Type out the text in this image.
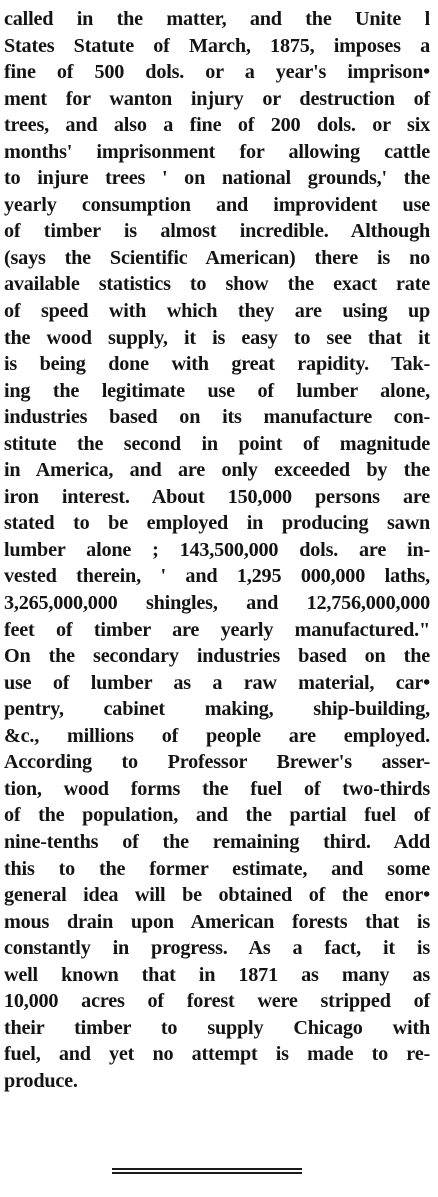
called in the matter, and the Unite l
States Statute of March, 1875, imposes a
fine of 500 dols. or a year's imprison•
ment for wanton injury or destruction of
trees, and also a fine of 200 dols. or six
months' imprisonment for allowing cattle
to injure trees ' on national grounds,' the
yearly consumption and improvident use
of timber is almost incredible. Although
(says the Scientific American) there is no
available statistics to show the exact rate
of speed with which they are using up
the wood supply, it is easy to see that it
is being done with great rapidity. Tak-
ing the legitimate use of lumber alone,
industries based on its manufacture con-
stitute the second in point of magnitude
in America, and are only exceeded by the
iron interest. About 150,000 persons are
stated to be employed in producing sawn
lumber alone ; 143,500,000 dols. are in-
vested therein, ' and 1,295 000,000 laths,
3,265,000,000 shingles, and 12,756,000,000
feet of timber are yearly manufactured."
On the secondary industries based on the
use of lumber as a raw material, car•
pentry, cabinet making, ship-building,
&c., millions of people are employed.
According to Professor Brewer's asser-
tion, wood forms the fuel of two-thirds
of the population, and the partial fuel of
nine-tenths of the remaining third. Add
this to the former estimate, and some
general idea will be obtained of the enor•
mous drain upon American forests that is
constantly in progress. As a fact, it is
well known that in 1871 as many as
10,000 acres of forest were stripped of
their timber to supply Chicago with
fuel, and yet no attempt is made to re-
produce.
